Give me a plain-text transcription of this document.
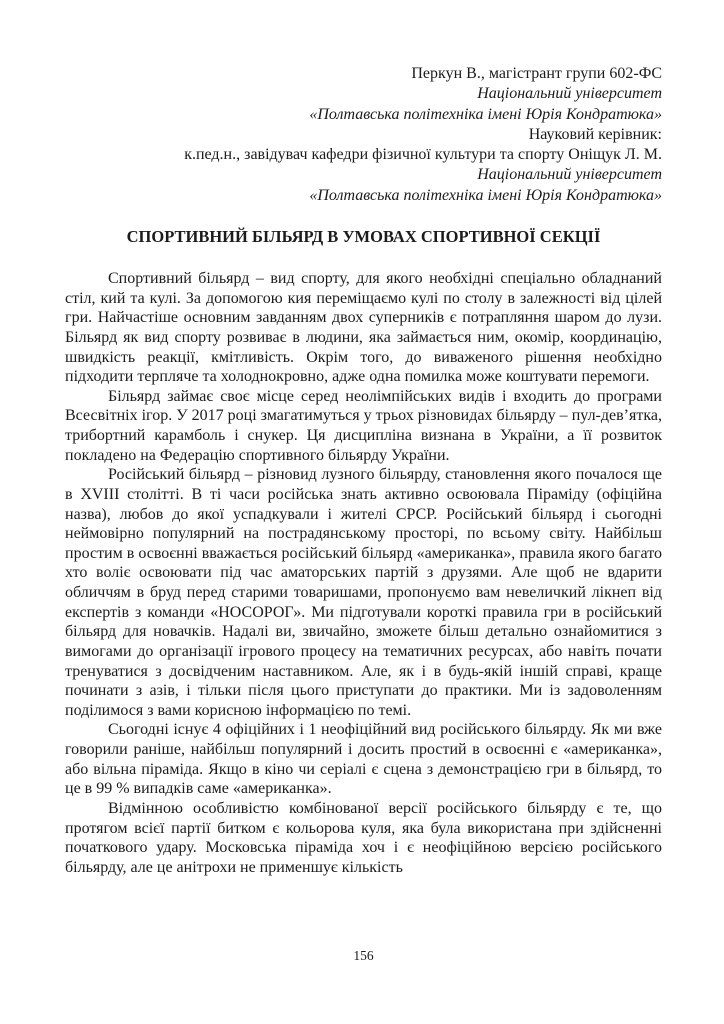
Перкун В., магістрант групи 602-ФС
Національний університет
«Полтавська політехніка імені Юрія Кондратюка»
Науковий керівник:
к.пед.н., завідувач кафедри фізичної культури та спорту Оніщук Л. М.
Національний університет
«Полтавська політехніка імені Юрія Кондратюка»
СПОРТИВНИЙ БІЛЬЯРД В УМОВАХ СПОРТИВНОЇ СЕКЦІЇ

Спортивний більярд – вид спорту, для якого необхідні спеціально обладнаний стіл, кий та кулі. За допомогою кия переміщаємо кулі по столу в залежності від цілей гри. Найчастіше основним завданням двох суперників є потрапляння шаром до лузи. Більярд як вид спорту розвиває в людини, яка займається ним, окомір, координацію, швидкість реакції, кмітливість. Окрім того, до виваженого рішення необхідно підходити терпляче та холоднокровно, адже одна помилка може коштувати перемоги.

Більярд займає своє місце серед неолімпійських видів і входить до програми Всесвітніх ігор. У 2017 році змагатимуться у трьох різновидах більярду – пул-дев’ятка, трибортний карамболь і снукер. Ця дисципліна визнана в України, а її розвиток покладено на Федерацію спортивного більярду України.

Російський більярд – різновид лузного більярду, становлення якого почалося ще в XVIII столітті. В ті часи російська знать активно освоювала Піраміду (офіційна назва), любов до якої успадкували і жителі СРСР. Російський більярд і сьогодні неймовірно популярний на пострадянському просторі, по всьому світу. Найбільш простим в освоєнні вважається російський більярд «американка», правила якого багато хто воліє освоювати під час аматорських партій з друзями. Але щоб не вдарити обличчям в бруд перед старими товаришами, пропонуємо вам невеличкий лікнеп від експертів з команди «НОСОРОГ». Ми підготували короткі правила гри в російський більярд для новачків. Надалі ви, звичайно, зможете більш детально ознайомитися з вимогами до організації ігрового процесу на тематичних ресурсах, або навіть почати тренуватися з досвідченим наставником. Але, як і в будь-якій іншій справі, краще починати з азів, і тільки після цього приступати до практики. Ми із задоволенням поділимося з вами корисною інформацією по темі.

Сьогодні існує 4 офіційних і 1 неофіційний вид російського більярду. Як ми вже говорили раніше, найбільш популярний і досить простий в освоєнні є «американка», або вільна піраміда. Якщо в кіно чи серіалі є сцена з демонстрацією гри в більярд, то це в 99 % випадків саме «американка».

Відмінною особливістю комбінованої версії російського більярду є те, що протягом всієї партії битком є кольорова куля, яка була використана при здійсненні початкового удару. Московська піраміда хоч і є неофіційною версією російського більярду, але це анітрохи не применшує кількість

156
